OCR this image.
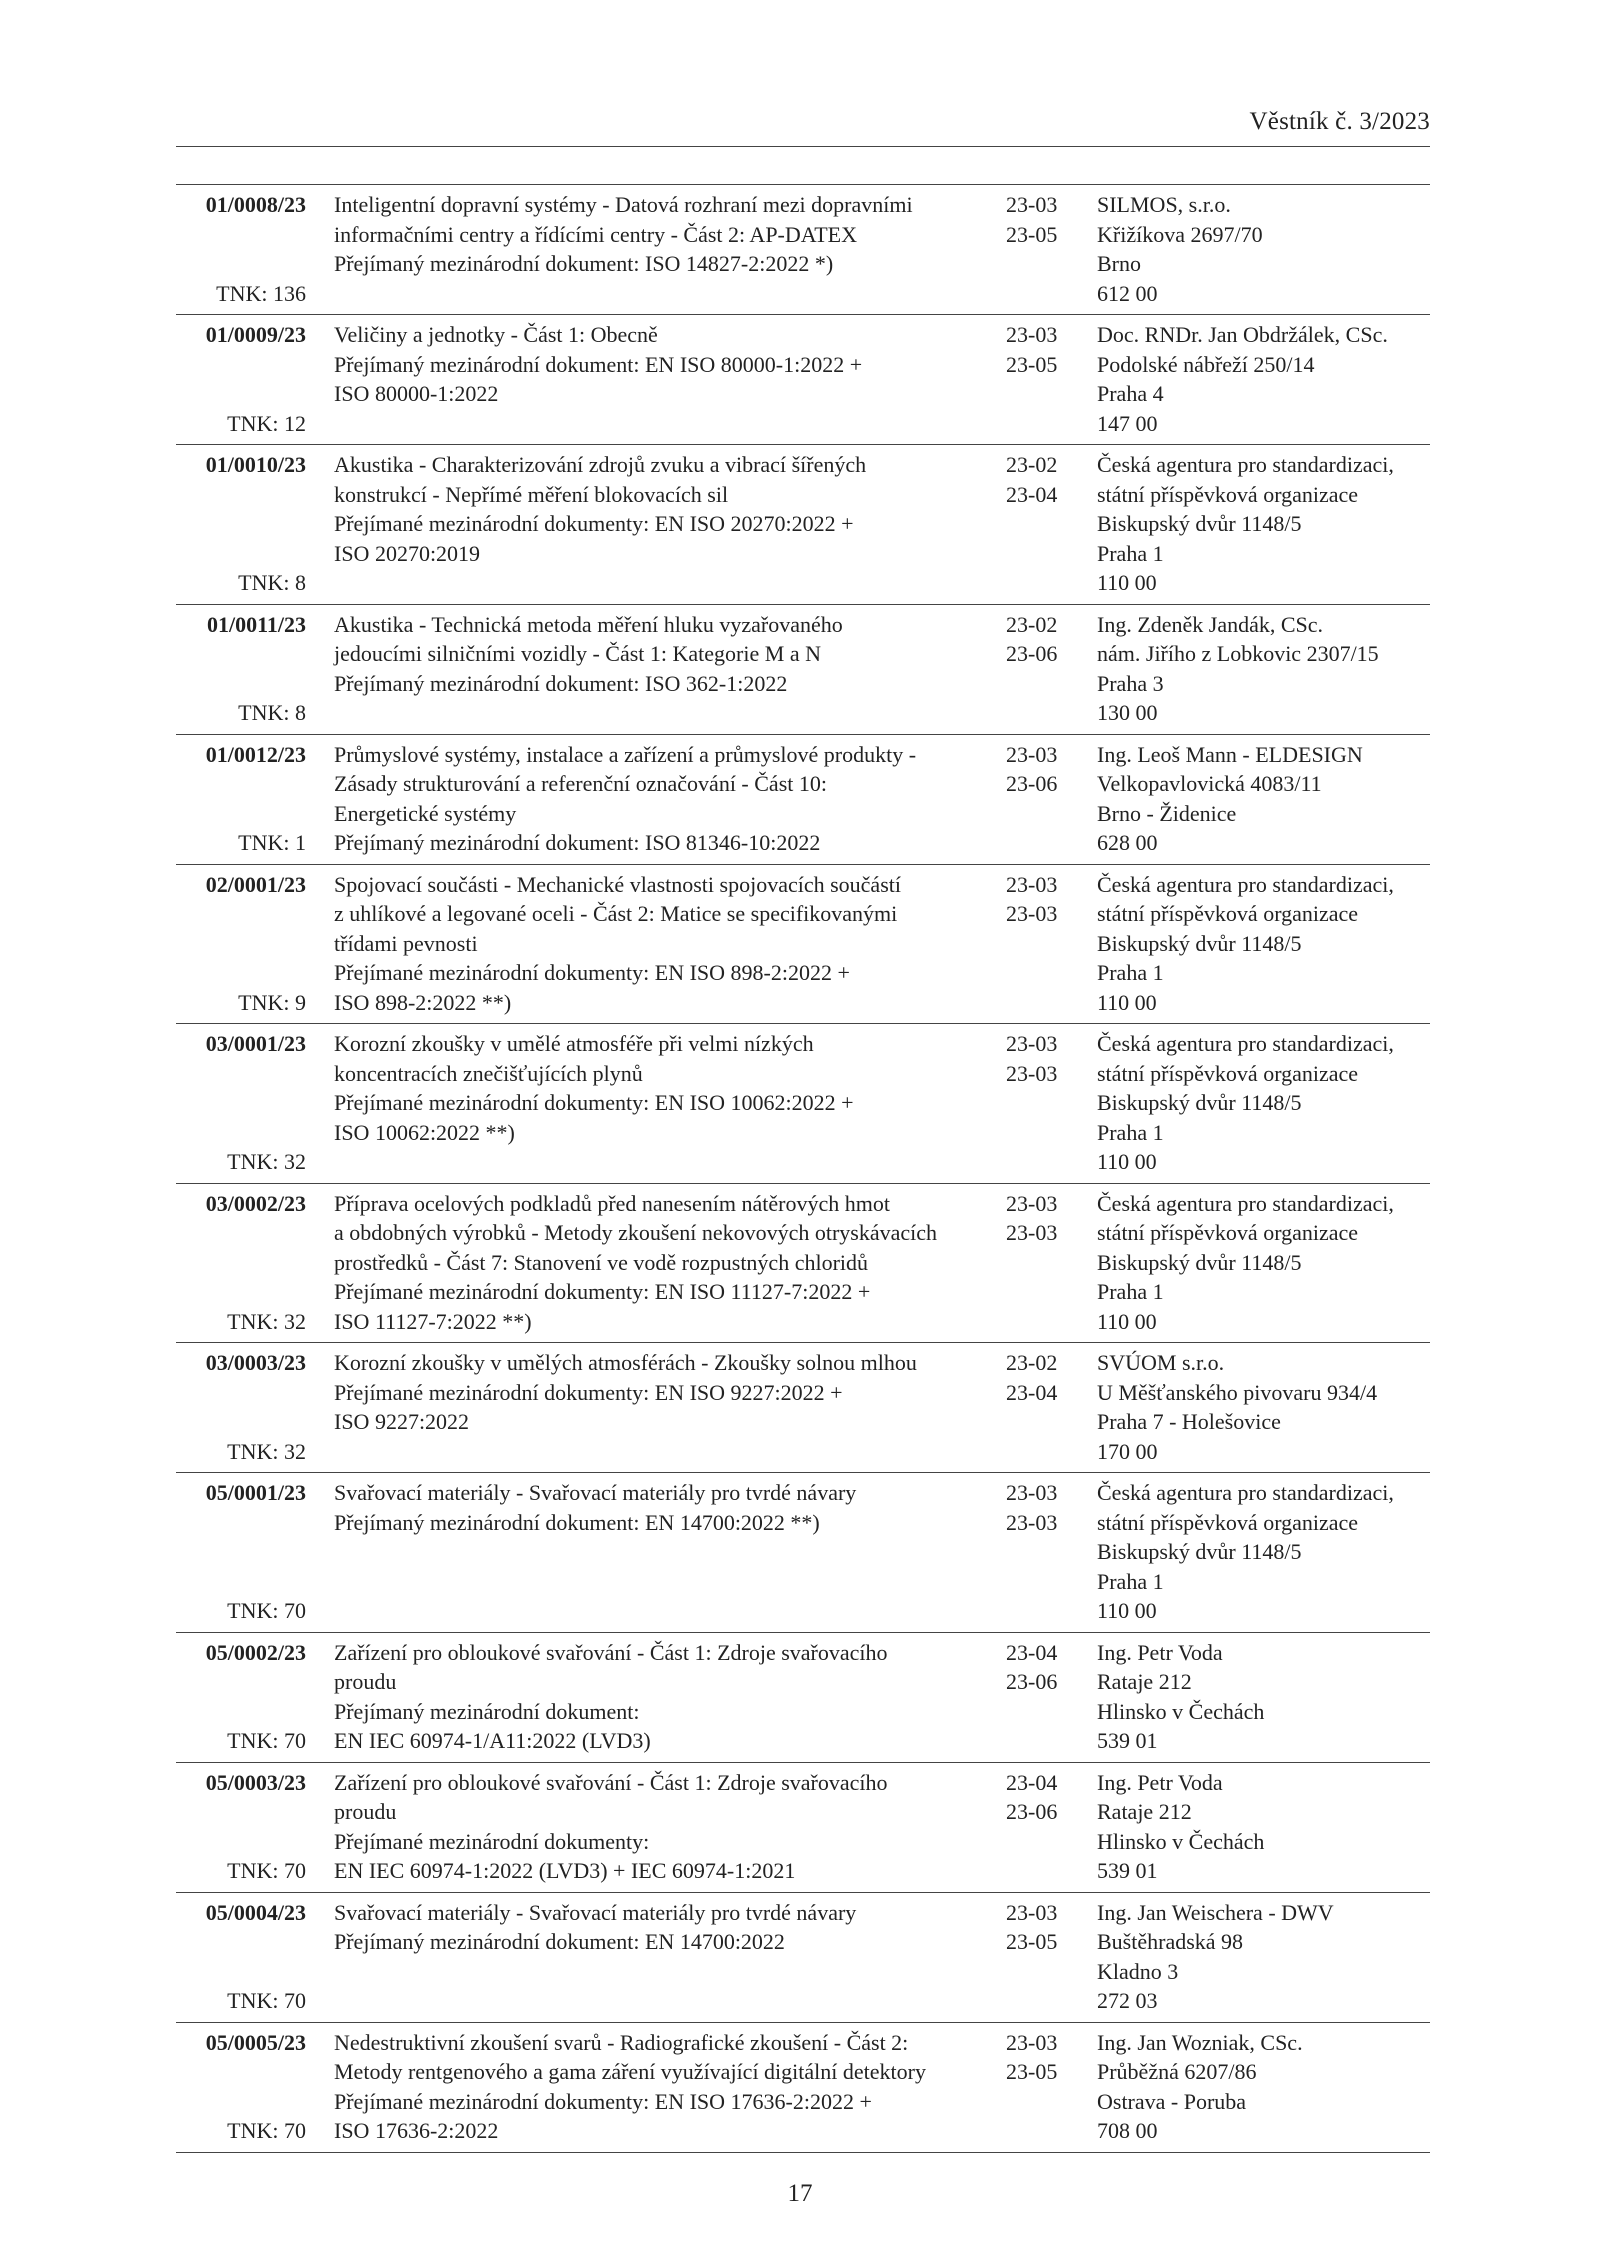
Věstník č. 3/2023
01/0008/23
TNK: 136
Inteligentní dopravní systémy - Datová rozhraní mezi dopravními
informačními centry a řídícími centry - Část 2: AP-DATEX
Přejímaný mezinárodní dokument: ISO 14827-2:2022 *)
23-03
23-05
SILMOS, s.r.o.
Křižíkova 2697/70
Brno
612 00
01/0009/23
TNK: 12
Veličiny a jednotky - Část 1: Obecně
Přejímaný mezinárodní dokument: EN ISO 80000-1:2022 +
ISO 80000-1:2022
23-03
23-05
Doc. RNDr. Jan Obdržálek, CSc.
Podolské nábřeží 250/14
Praha 4
147 00
01/0010/23
TNK: 8
Akustika - Charakterizování zdrojů zvuku a vibrací šířených
konstrukcí - Nepřímé měření blokovacích sil
Přejímané mezinárodní dokumenty: EN ISO 20270:2022 +
ISO 20270:2019
23-02
23-04
Česká agentura pro standardizaci,
státní příspěvková organizace
Biskupský dvůr 1148/5
Praha 1
110 00
01/0011/23
TNK: 8
Akustika - Technická metoda měření hluku vyzařovaného
jedoucími silničními vozidly - Část 1: Kategorie M a N
Přejímaný mezinárodní dokument: ISO 362-1:2022
23-02
23-06
Ing. Zdeněk Jandák, CSc.
nám. Jiřího z Lobkovic 2307/15
Praha 3
130 00
01/0012/23
TNK: 1
Průmyslové systémy, instalace a zařízení a průmyslové produkty -
Zásady strukturování a referenční označování - Část 10:
Energetické systémy
Přejímaný mezinárodní dokument: ISO 81346-10:2022
23-03
23-06
Ing. Leoš Mann - ELDESIGN
Velkopavlovická 4083/11
Brno - Židenice
628 00
02/0001/23
TNK: 9
Spojovací součásti - Mechanické vlastnosti spojovacích součástí
z uhlíkové a legované oceli - Část 2: Matice se specifikovanými
třídami pevnosti
Přejímané mezinárodní dokumenty: EN ISO 898-2:2022 +
ISO 898-2:2022 **)
23-03
23-03
Česká agentura pro standardizaci,
státní příspěvková organizace
Biskupský dvůr 1148/5
Praha 1
110 00
03/0001/23
TNK: 32
Korozní zkoušky v umělé atmosféře při velmi nízkých
koncentracích znečišťujících plynů
Přejímané mezinárodní dokumenty: EN ISO 10062:2022 +
ISO 10062:2022 **)
23-03
23-03
Česká agentura pro standardizaci,
státní příspěvková organizace
Biskupský dvůr 1148/5
Praha 1
110 00
03/0002/23
TNK: 32
Příprava ocelových podkladů před nanesením nátěrových hmot
a obdobných výrobků - Metody zkoušení nekovových otryskávacích
prostředků - Část 7: Stanovení ve vodě rozpustných chloridů
Přejímané mezinárodní dokumenty: EN ISO 11127-7:2022 +
ISO 11127-7:2022 **)
23-03
23-03
Česká agentura pro standardizaci,
státní příspěvková organizace
Biskupský dvůr 1148/5
Praha 1
110 00
03/0003/23
TNK: 32
Korozní zkoušky v umělých atmosférách - Zkoušky solnou mlhou
Přejímané mezinárodní dokumenty: EN ISO 9227:2022 +
ISO 9227:2022
23-02
23-04
SVÚOM s.r.o.
U Měšťanského pivovaru 934/4
Praha 7 - Holešovice
170 00
05/0001/23
TNK: 70
Svařovací materiály - Svařovací materiály pro tvrdé návary
Přejímaný mezinárodní dokument: EN 14700:2022 **)
23-03
23-03
Česká agentura pro standardizaci,
státní příspěvková organizace
Biskupský dvůr 1148/5
Praha 1
110 00
05/0002/23
TNK: 70
Zařízení pro obloukové svařování - Část 1: Zdroje svařovacího
proudu
Přejímaný mezinárodní dokument:
EN IEC 60974-1/A11:2022 (LVD3)
23-04
23-06
Ing. Petr Voda
Rataje 212
Hlinsko v Čechách
539 01
05/0003/23
TNK: 70
Zařízení pro obloukové svařování - Část 1: Zdroje svařovacího
proudu
Přejímané mezinárodní dokumenty:
EN IEC 60974-1:2022 (LVD3) + IEC 60974-1:2021
23-04
23-06
Ing. Petr Voda
Rataje 212
Hlinsko v Čechách
539 01
05/0004/23
TNK: 70
Svařovací materiály - Svařovací materiály pro tvrdé návary
Přejímaný mezinárodní dokument: EN 14700:2022
23-03
23-05
Ing. Jan Weischera - DWV
Buštěhradská 98
Kladno 3
272 03
05/0005/23
TNK: 70
Nedestruktivní zkoušení svarů - Radiografické zkoušení - Část 2:
Metody rentgenového a gama záření využívající digitální detektory
Přejímané mezinárodní dokumenty: EN ISO 17636-2:2022 +
ISO 17636-2:2022
23-03
23-05
Ing. Jan Wozniak, CSc.
Průběžná 6207/86
Ostrava - Poruba
708 00
17
